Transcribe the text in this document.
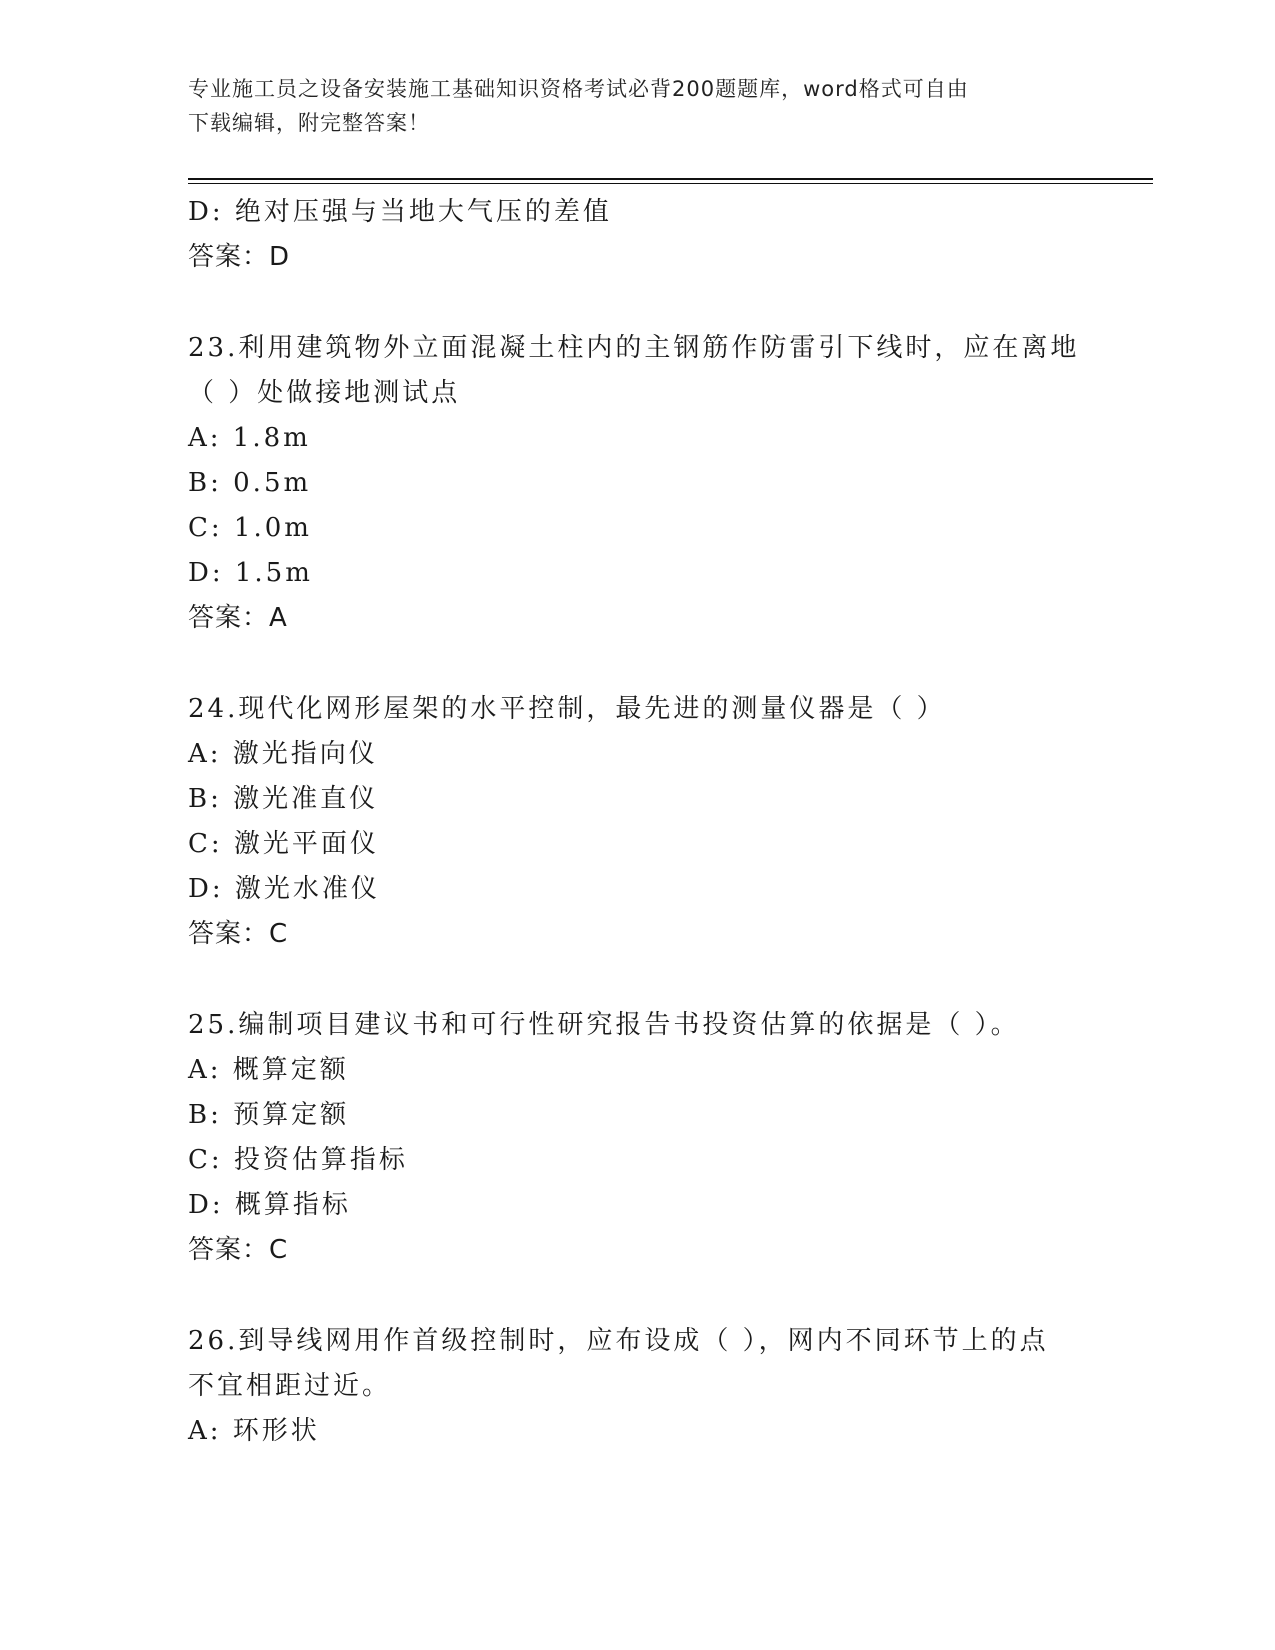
专业施工员之设备安装施工基础知识资格考试必背200题题库，word格式可自由
下载编辑，附完整答案！
D: 绝对压强与当地大气压的差值
答案：D
23.利用建筑物外立面混凝土柱内的主钢筋作防雷引下线时，应在离地
（ ）处做接地测试点
A: 1.8m
B: 0.5m
C: 1.0m
D: 1.5m
答案：A
24.现代化网形屋架的水平控制，最先进的测量仪器是（ ）
A: 激光指向仪
B: 激光准直仪
C: 激光平面仪
D: 激光水准仪
答案：C
25.编制项目建议书和可行性研究报告书投资估算的依据是（ ）。
A: 概算定额
B: 预算定额
C: 投资估算指标
D: 概算指标
答案：C
26.到导线网用作首级控制时，应布设成（ ），网内不同环节上的点
不宜相距过近。
A: 环形状
